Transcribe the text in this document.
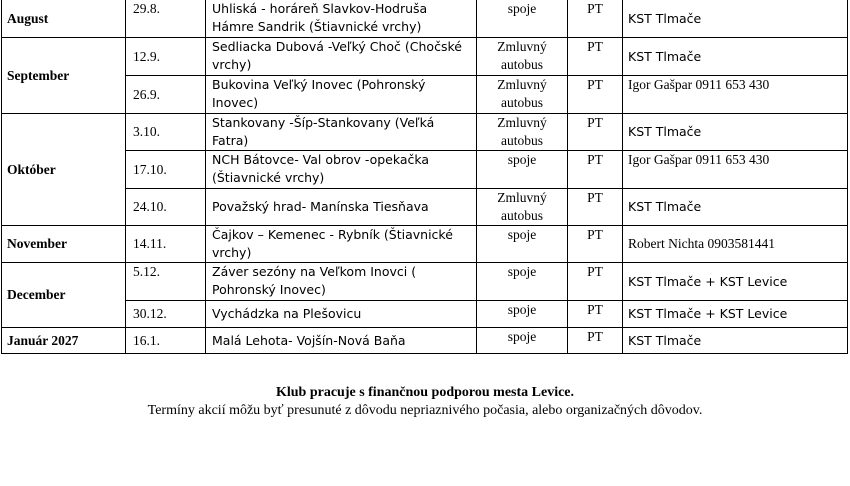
August	29.8.	Uhliská - horáreň Slavkov-Hodruša Hámre Sandrik (Štiavnické vrchy)	spoje	PT	KST Tlmače
September	12.9.	Sedliacka Dubová -Veľký Choč (Chočské vrchy)	Zmluvný autobus	PT	KST Tlmače
	26.9.	Bukovina Veľký Inovec (Pohronský Inovec)	Zmluvný autobus	PT	Igor Gašpar 0911 653 430
Október	3.10.	Stankovany -Šíp-Stankovany (Veľká Fatra)	Zmluvný autobus	PT	KST Tlmače
	17.10.	NCH Bátovce- Val obrov -opekačka (Štiavnické vrchy)	spoje	PT	Igor Gašpar 0911 653 430
	24.10.	Považský hrad- Manínska Tiesňava	Zmluvný autobus	PT	KST Tlmače
November	14.11.	Čajkov – Kemenec - Rybník (Štiavnické vrchy)	spoje	PT	Robert Nichta 0903581441
December	5.12.	Záver sezóny na Veľkom Inovci ( Pohronský Inovec)	spoje	PT	KST Tlmače + KST Levice
	30.12.	Vychádzka na Plešovicu	spoje	PT	KST Tlmače + KST Levice
Január 2027	16.1.	Malá Lehota- Vojšín-Nová Baňa	spoje	PT	KST Tlmače
Klub pracuje s finančnou podporou mesta Levice.
Termíny akcií môžu byť presunuté z dôvodu nepriaznivého počasia, alebo organizačných dôvodov.
